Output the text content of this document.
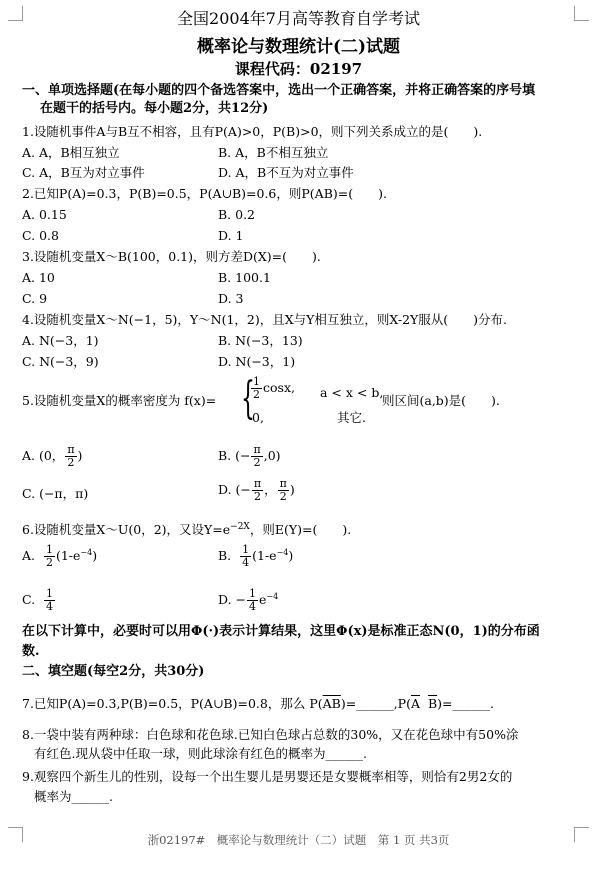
全国2004年7月高等教育自学考试
概率论与数理统计(二)试题
课程代码：02197
一、单项选择题(在每小题的四个备选答案中，选出一个正确答案，并将正确答案的序号填
在题干的括号内。每小题2分，共12分)
1.设随机事件A与B互不相容，且有P(A)>0，P(B)>0，则下列关系成立的是(　　).
A. A，B相互独立	B. A，B不相互独立
C. A，B互为对立事件	D. A，B不互为对立事件
2.已知P(A)=0.3，P(B)=0.5，P(A∪B)=0.6，则P(AB)=(　　).
A. 0.15	B. 0.2
C. 0.8	D. 1
3.设随机变量X～B(100，0.1)，则方差D(X)=(　　).
A. 10	B. 100.1
C. 9	D. 3
4.设随机变量X～N(−1，5)，Y～N(1，2)，且X与Y相互独立，则X-2Y服从(　　)分布.
A. N(−3，1)	B. N(−3，13)
C. N(−3，9)	D. N(−3，1)
5.设随机变量X的概率密度为 f(x)= {
$\frac{1}{2} \cos x$, a < x < b,
0,	其它.
则区间(a,b)是(　　).
A. (0， $\frac{\pi}{2}$ )	B. (− $\frac{\pi}{2} ,0$)
C. (−π，π)	D. (− $\frac{\pi}{2}$ ， $\frac{\pi}{2}$ )
6.设随机变量X～U(0，2)，又设$Y=e^{-2X}$，则E(Y)=(　　).
A. $\frac{1}{2} (1-e^{-4})$	B. $\frac{1}{4} (1-e^{-4})$
C. $\frac{1}{4}$	D. − $\frac{1}{4} e^{-4}$
在以下计算中，必要时可以用Φ(·)表示计算结果，这里Φ(x)是标准正态N(0，1)的分布函
数.
二、填空题(每空2分，共30分)
7.已知P(A)=0.3,P(B)=0.5，P(A∪B)=0.8，那么 $P(\overline{AB})=\_\_\_\_\_\_,P(\overline{A}$ $\overline{B})=\_\_\_\_\_\_$.
8.一袋中装有两种球：白色球和花色球.已知白色球占总数的30%，又在花色球中有50%涂
有红色.现从袋中任取一球，则此球涂有红色的概率为______.
9.观察四个新生儿的性别，设每一个出生婴儿是男婴还是女婴概率相等，则恰有2男2女的
概率为______.
浙02197#　概率论与数理统计（二）试题　第 1 页 共3页
